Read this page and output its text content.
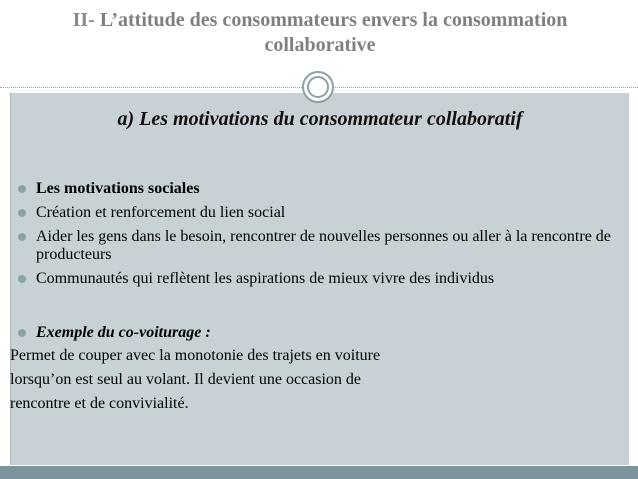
II- L’attitude des consommateurs envers la consommation collaborative
a) Les motivations du consommateur collaboratif
Les motivations sociales
Création et renforcement du lien social
Aider les gens dans le besoin, rencontrer de nouvelles personnes ou aller à la rencontre de producteurs
Communautés qui reflètent les aspirations de mieux vivre des individus
Exemple du co-voiturage :
Permet de couper avec la monotonie des trajets en voiture
lorsqu’on est seul au volant. Il devient une occasion de
rencontre et de convivialité.
